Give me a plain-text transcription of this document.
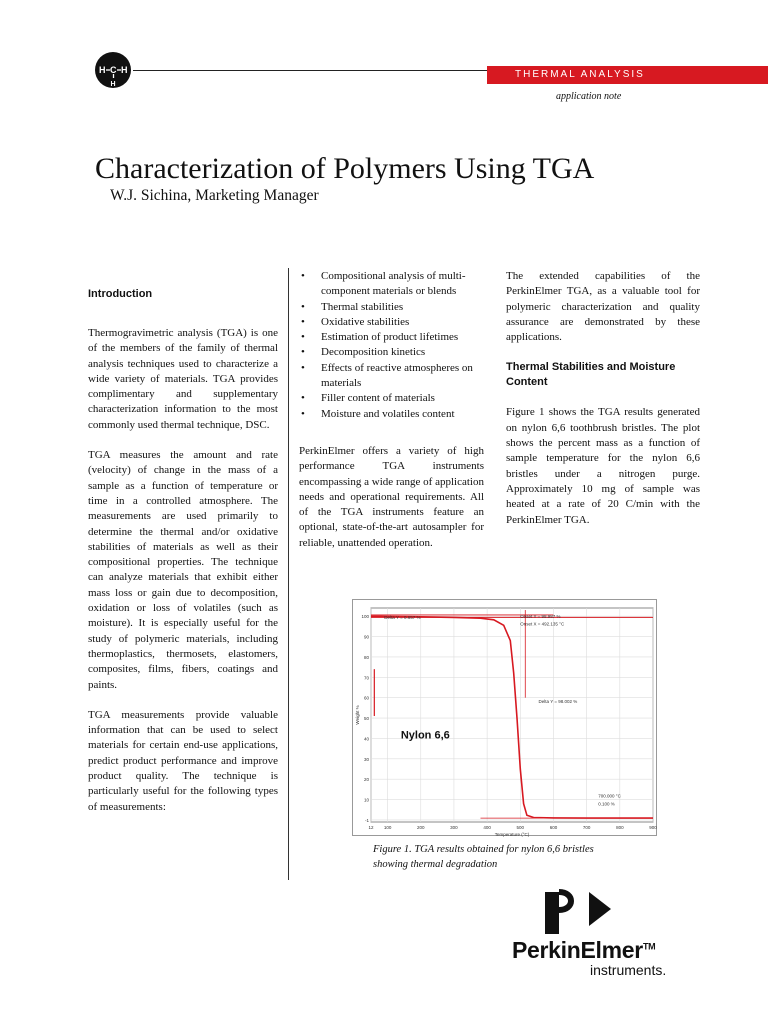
H C H
H
THERMAL ANALYSIS
application note
Characterization of Polymers Using TGA
W.J. Sichina, Marketing Manager
Introduction

Thermogravimetric analysis (TGA) is one of the members of the family of thermal analysis techniques used to characterize a wide variety of materials. TGA provides complimentary and supplementary characterization information to the most commonly used thermal technique, DSC.

TGA measures the amount and rate (velocity) of change in the mass of a sample as a function of temperature or time in a controlled atmosphere. The measurements are used primarily to determine the thermal and/or oxidative stabilities of materials as well as their compositional properties. The technique can analyze materials that exhibit either mass loss or gain due to decomposition, oxidation or loss of volatiles (such as moisture). It is especially useful for the study of polymeric materials, including thermoplastics, thermosets, elastomers, composites, films, fibers, coatings and paints.

TGA measurements provide valuable information that can be used to select materials for certain end-use applications, predict product performance and improve product quality. The technique is particularly useful for the following types of measurements:

• Compositional analysis of multi-component materials or blends
• Thermal stabilities
• Oxidative stabilities
• Estimation of product lifetimes
• Decomposition kinetics
• Effects of reactive atmospheres on materials
• Filler content of materials
• Moisture and volatiles content

PerkinElmer offers a variety of high performance TGA instruments encompassing a wide range of application needs and operational requirements. All of the TGA instruments feature an optional, state-of-the-art autosampler for reliable, unattended operation.

The extended capabilities of the PerkinElmer TGA, as a valuable tool for polymeric characterization and quality assurance are demonstrated by these applications.

Thermal Stabilities and Moisture Content

Figure 1 shows the TGA results generated on nylon 6,6 toothbrush bristles. The plot shows the percent mass as a function of sample temperature for the nylon 6,6 bristles under a nitrogen purge. Approximately 10 mg of sample was heated at a rate of 20 C/min with the PerkinElmer TGA.

-1
10
20
30
40
50
60
70
80
90
100
12 100	200	300	400	500	600	700	800	900
Temperature (°C)
Weight %
Delta Y = 0.657 %	Onset Y = 98.987 %
Onset X = 492.135 °C
Delta Y = 98.002 %
700.000 °C
0.100 %
Nylon 6,6
Figure 1. TGA results obtained for nylon 6,6 bristles
showing thermal degradation
PerkinElmer™
instruments.
